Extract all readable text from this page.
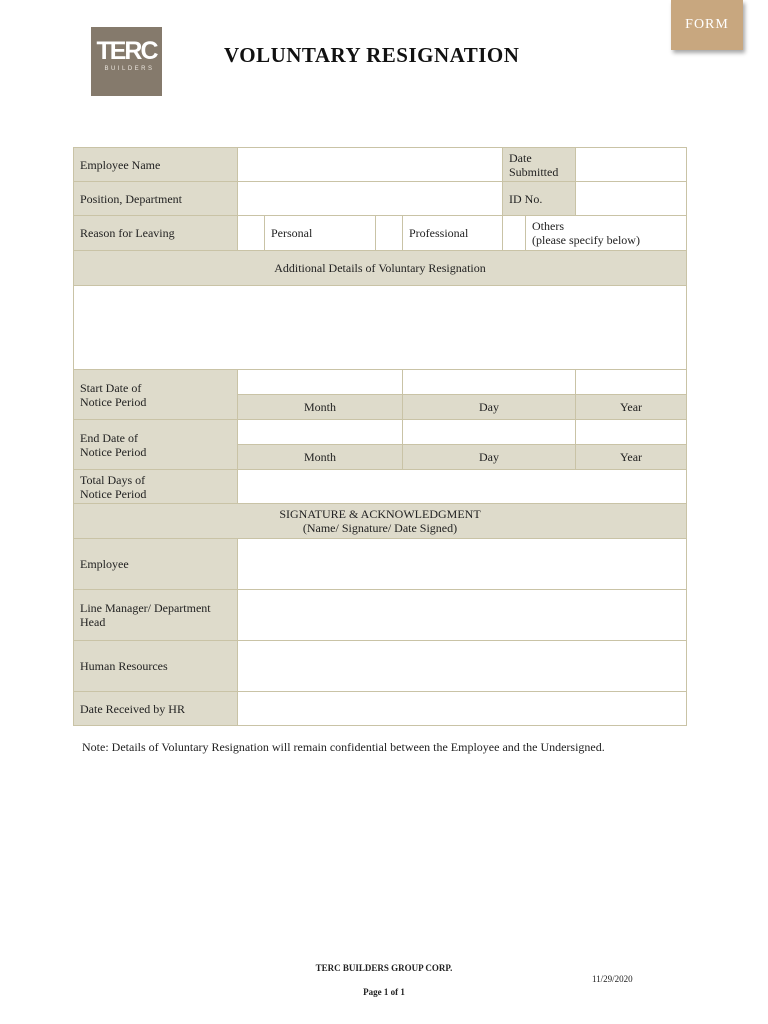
TERC
BUILDERS
FORM
VOLUNTARY RESIGNATION
Employee Name					Date Submitted		
Position, Department					ID No.		
Reason for Leaving		Personal		Professional		Others
(please specify below)	

Additional Details of Voluntary Resignation							

Start Date of
Notice Period							

	Month			Day			Year

End Date of
Notice Period							

	Month			Day			Year

Total Days of
Notice Period							

SIGNATURE & ACKNOWLEDGMENT
(Name/ Signature/ Date Signed)							

Employee							

Line Manager/ Department
Head							

Human Resources							
Date Received by HR							
Note: Details of Voluntary Resignation will remain confidential between the Employee and the Undersigned.
TERC BUILDERS GROUP CORP.
11/29/2020
Page 1 of 1
